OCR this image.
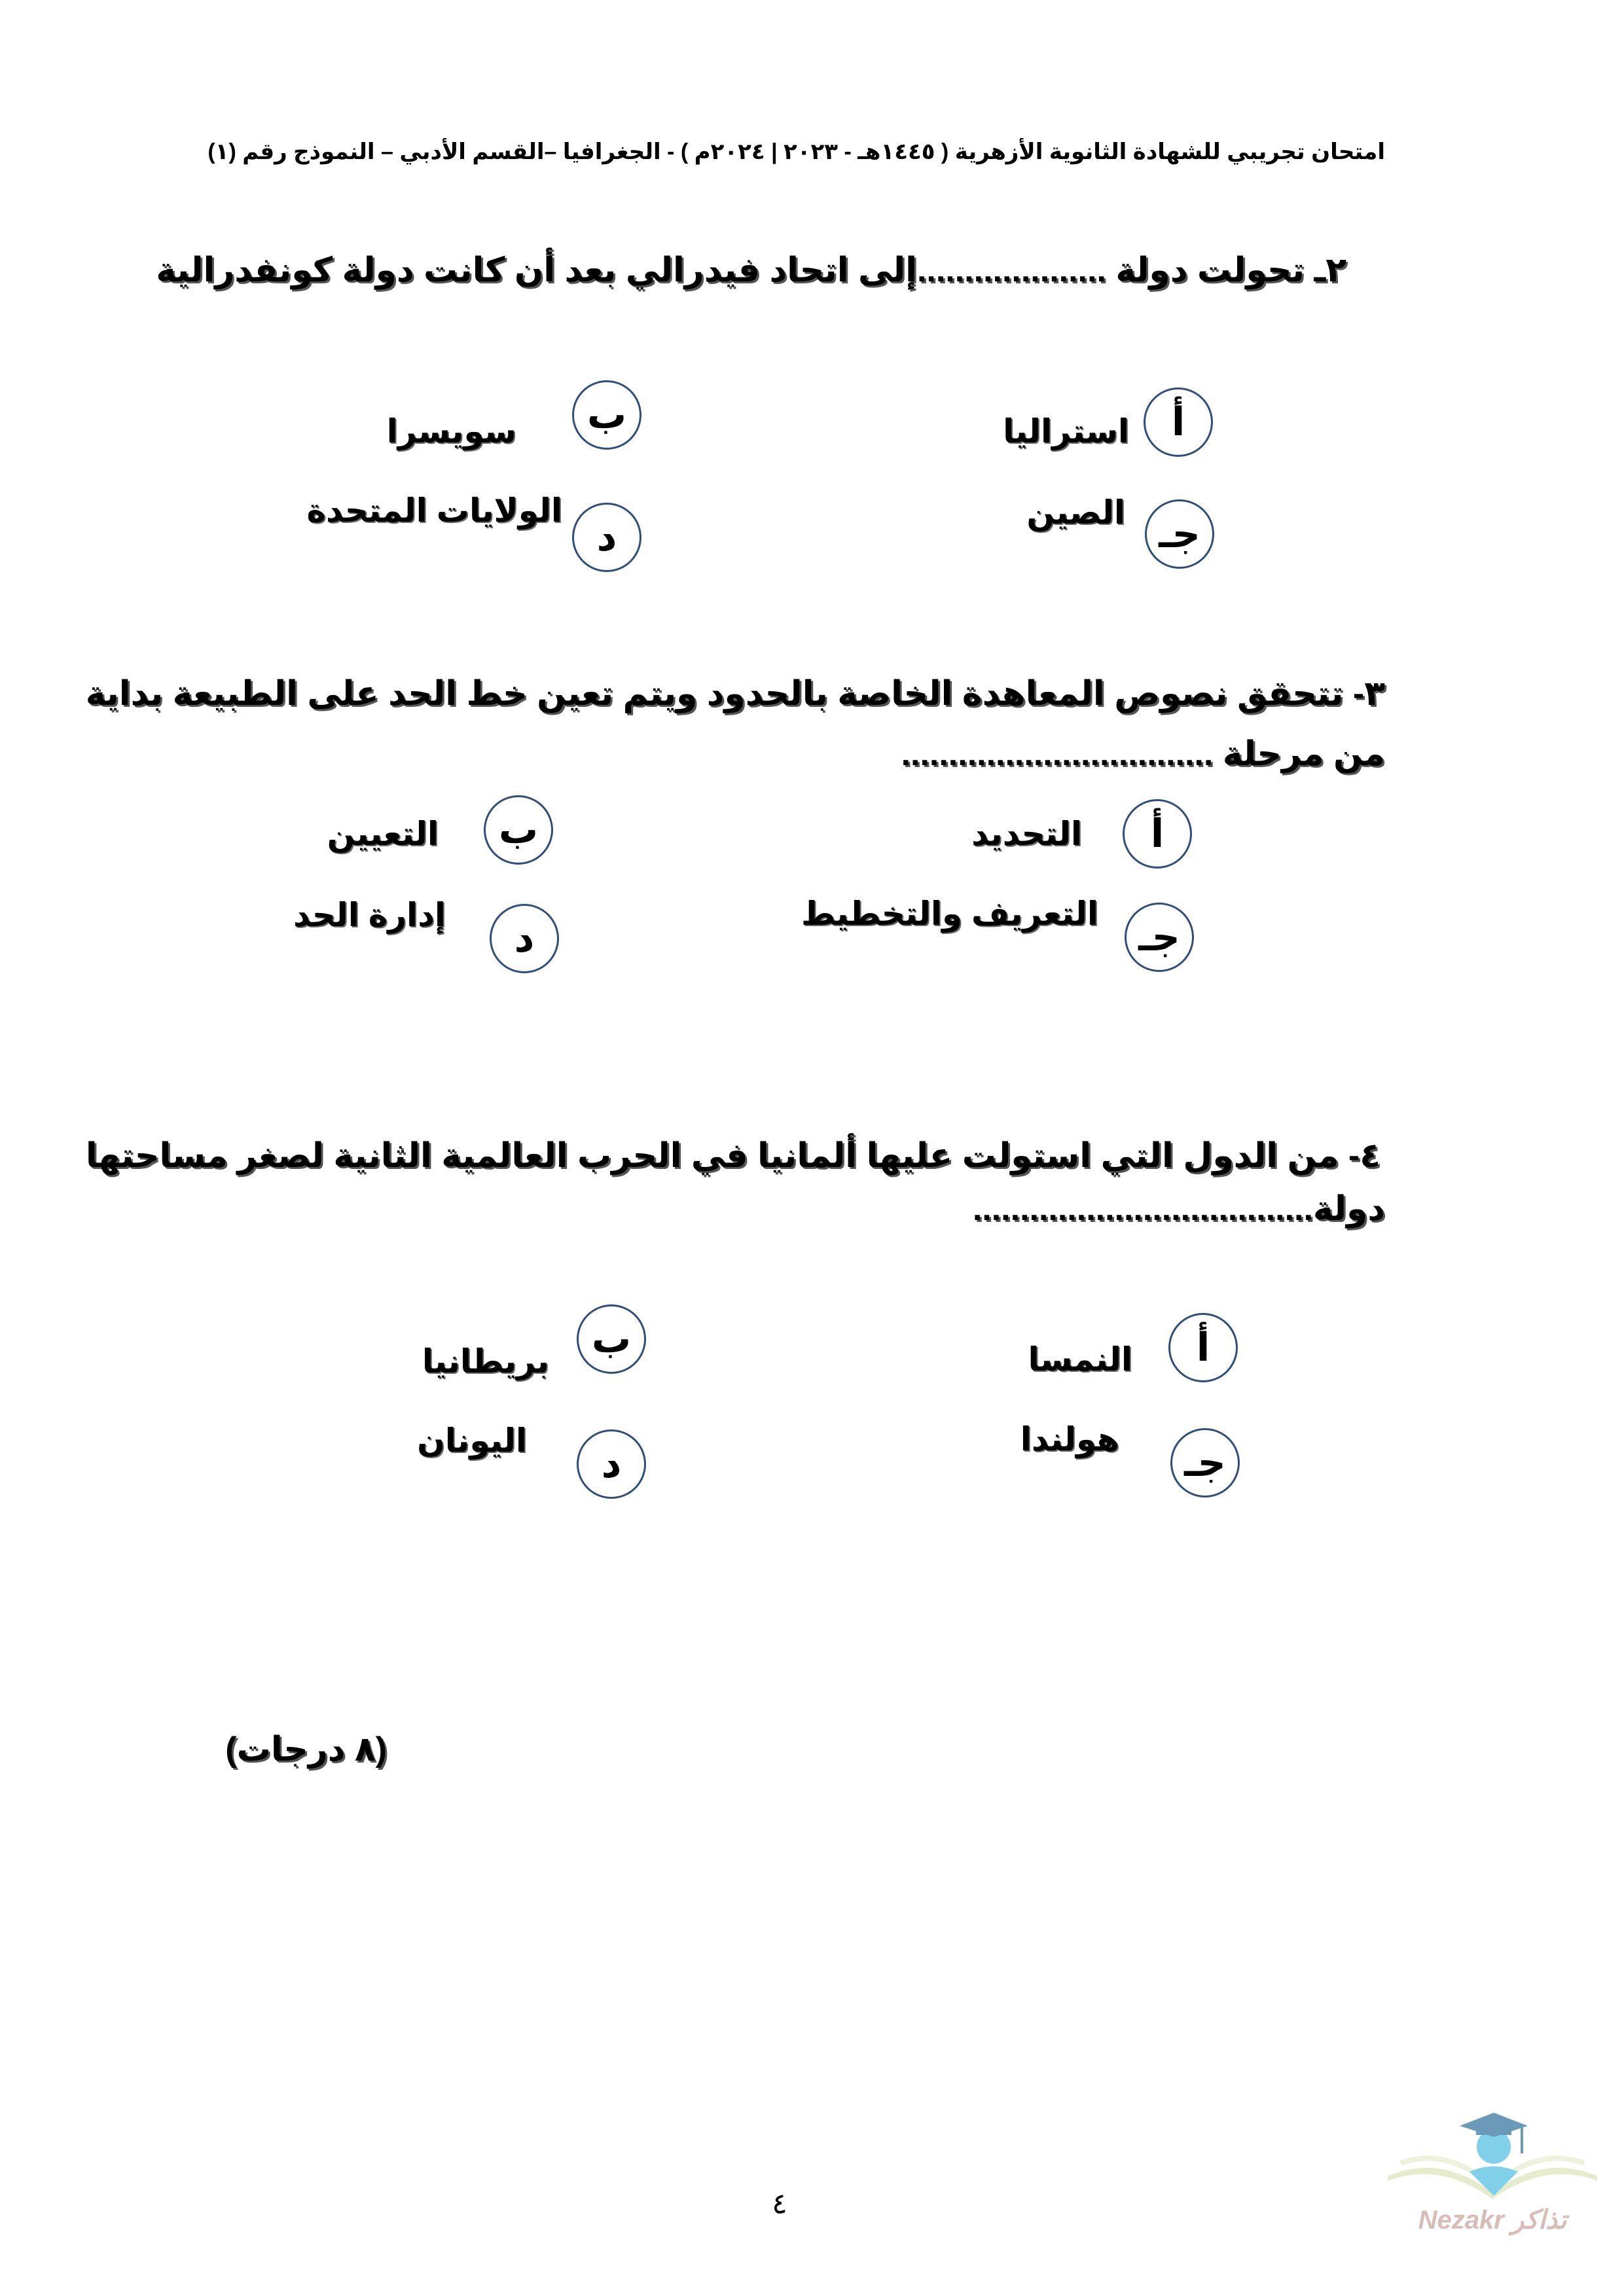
امتحان تجريبي للشهادة الثانوية الأزهرية ( ١٤٤٥هـ - ٢٠٢٣ | ٢٠٢٤م ) - الجغرافيا –القسم الأدبي – النموذج رقم (١)
٢ـ تحولت دولة ....................إلى اتحاد فيدرالي بعد أن كانت دولة كونفدرالية
أ
استراليا
ب
سويسرا
جـ
الصين
د
الولايات المتحدة
٣- تتحقق نصوص المعاهدة الخاصة بالحدود ويتم تعين خط الحد على الطبيعة بداية
من مرحلة .................................
أ
التحديد
ب
التعيين
جـ
التعريف والتخطيط
د
إدارة الحد
٤- من الدول التي استولت عليها ألمانيا في الحرب العالمية الثانية لصغر مساحتها
دولة....................................
أ
النمسا
ب
بريطانيا
جـ
هولندا
د
اليونان
(٨ درجات)
٤
Nezakr تذاكر
